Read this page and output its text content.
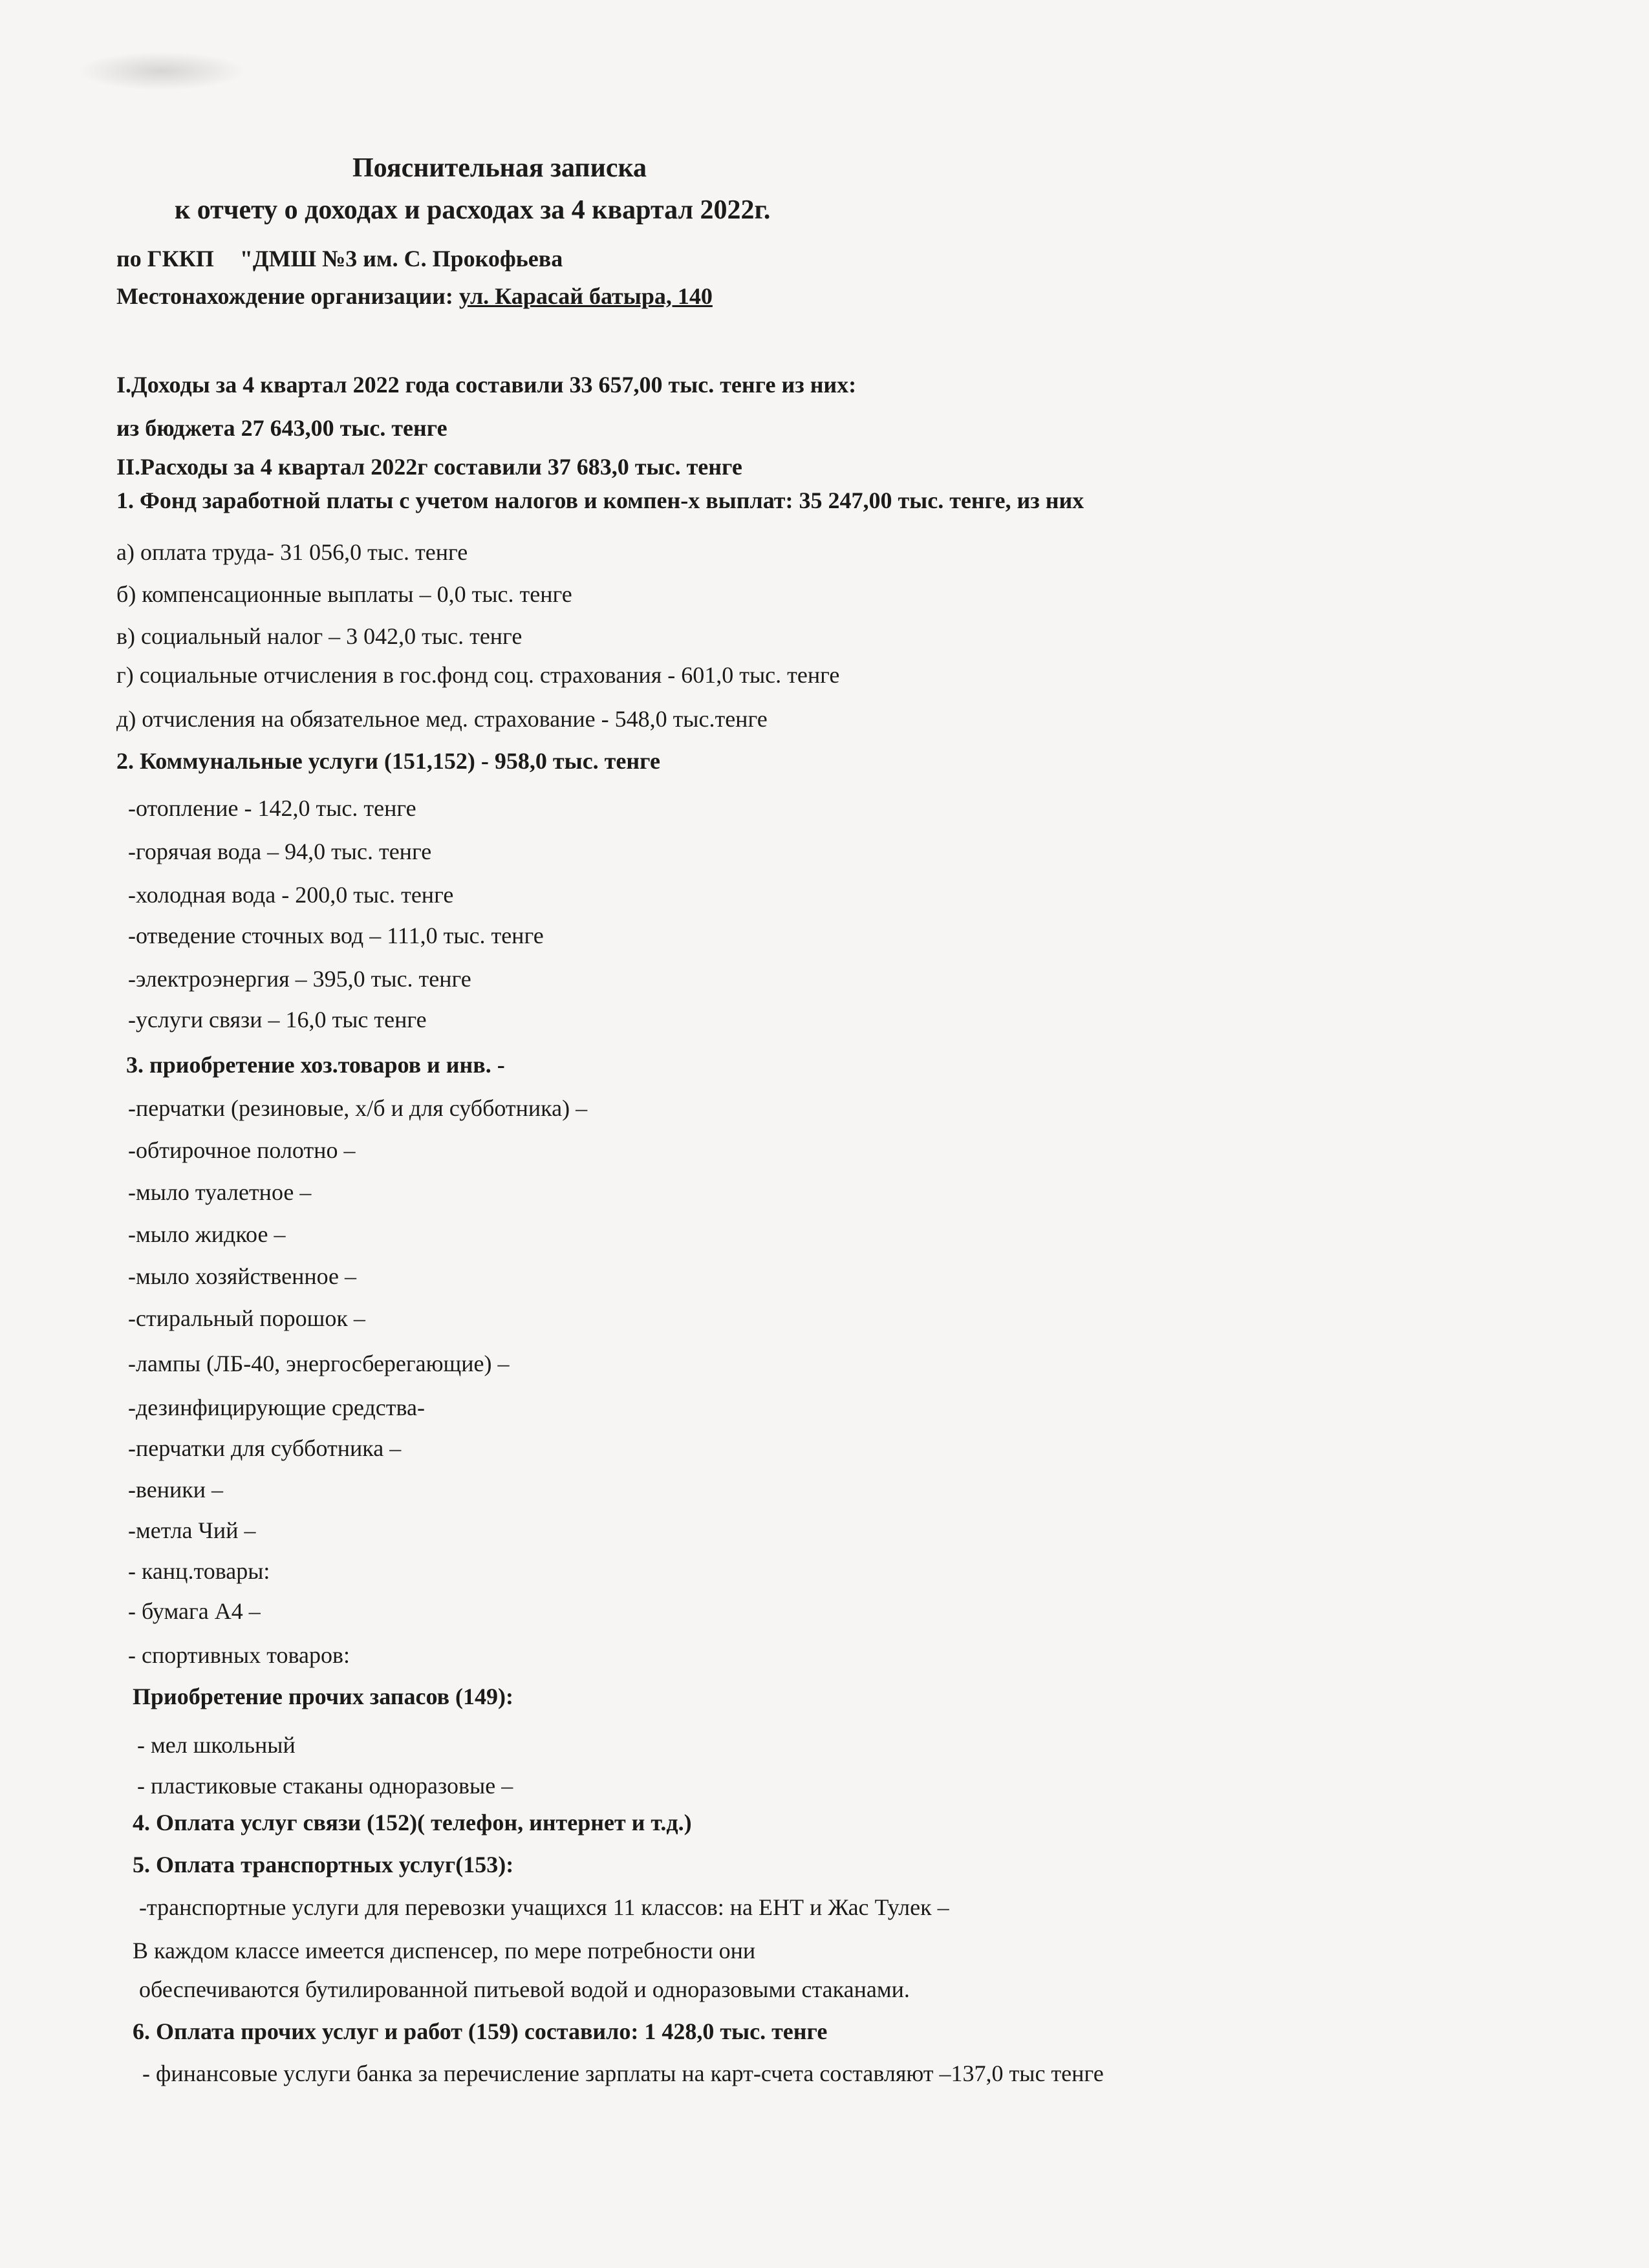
Пояснительная записка
к отчету о доходах и расходах за 4 квартал 2022г.
по ГККП "ДМШ №3 им. С. Прокофьева
Местонахождение организации: ул. Карасай батыра, 140
I.Доходы за 4 квартал 2022 года составили 33 657,00 тыс. тенге из них:
из бюджета 27 643,00 тыс. тенге
II.Расходы за 4 квартал 2022г составили 37 683,0 тыс. тенге
1. Фонд заработной платы с учетом налогов и компен-х выплат: 35 247,00 тыс. тенге, из них
а) оплата труда- 31 056,0 тыс. тенге
б) компенсационные выплаты – 0,0 тыс. тенге
в) социальный налог – 3 042,0 тыс. тенге
г) социальные отчисления в гос.фонд соц. страхования - 601,0 тыс. тенге
д) отчисления на обязательное мед. страхование - 548,0 тыс.тенге
2. Коммунальные услуги (151,152) - 958,0 тыс. тенге
-отопление - 142,0 тыс. тенге
-горячая вода – 94,0 тыс. тенге
-холодная вода - 200,0 тыс. тенге
-отведение сточных вод – 111,0 тыс. тенге
-электроэнергия – 395,0 тыс. тенге
-услуги связи – 16,0 тыс тенге
3. приобретение хоз.товаров и инв. -
-перчатки (резиновые, х/б и для субботника) –
-обтирочное полотно –
-мыло туалетное –
-мыло жидкое –
-мыло хозяйственное –
-стиральный порошок –
-лампы (ЛБ-40, энергосберегающие) –
-дезинфицирующие средства-
-перчатки для субботника –
-веники –
-метла Чий –
- канц.товары:
- бумага А4 –
- спортивных товаров:
Приобретение прочих запасов (149):
- мел школьный
- пластиковые стаканы одноразовые –
4. Оплата услуг связи (152)( телефон, интернет и т.д.)
5. Оплата транспортных услуг(153):
-транспортные услуги для перевозки учащихся 11 классов: на ЕНТ и Жас Тулек –
В каждом классе имеется диспенсер, по мере потребности они
обеспечиваются бутилированной питьевой водой и одноразовыми стаканами.
6. Оплата прочих услуг и работ (159) составило: 1 428,0 тыс. тенге
- финансовые услуги банка за перечисление зарплаты на карт-счета составляют –137,0 тыс тенге
